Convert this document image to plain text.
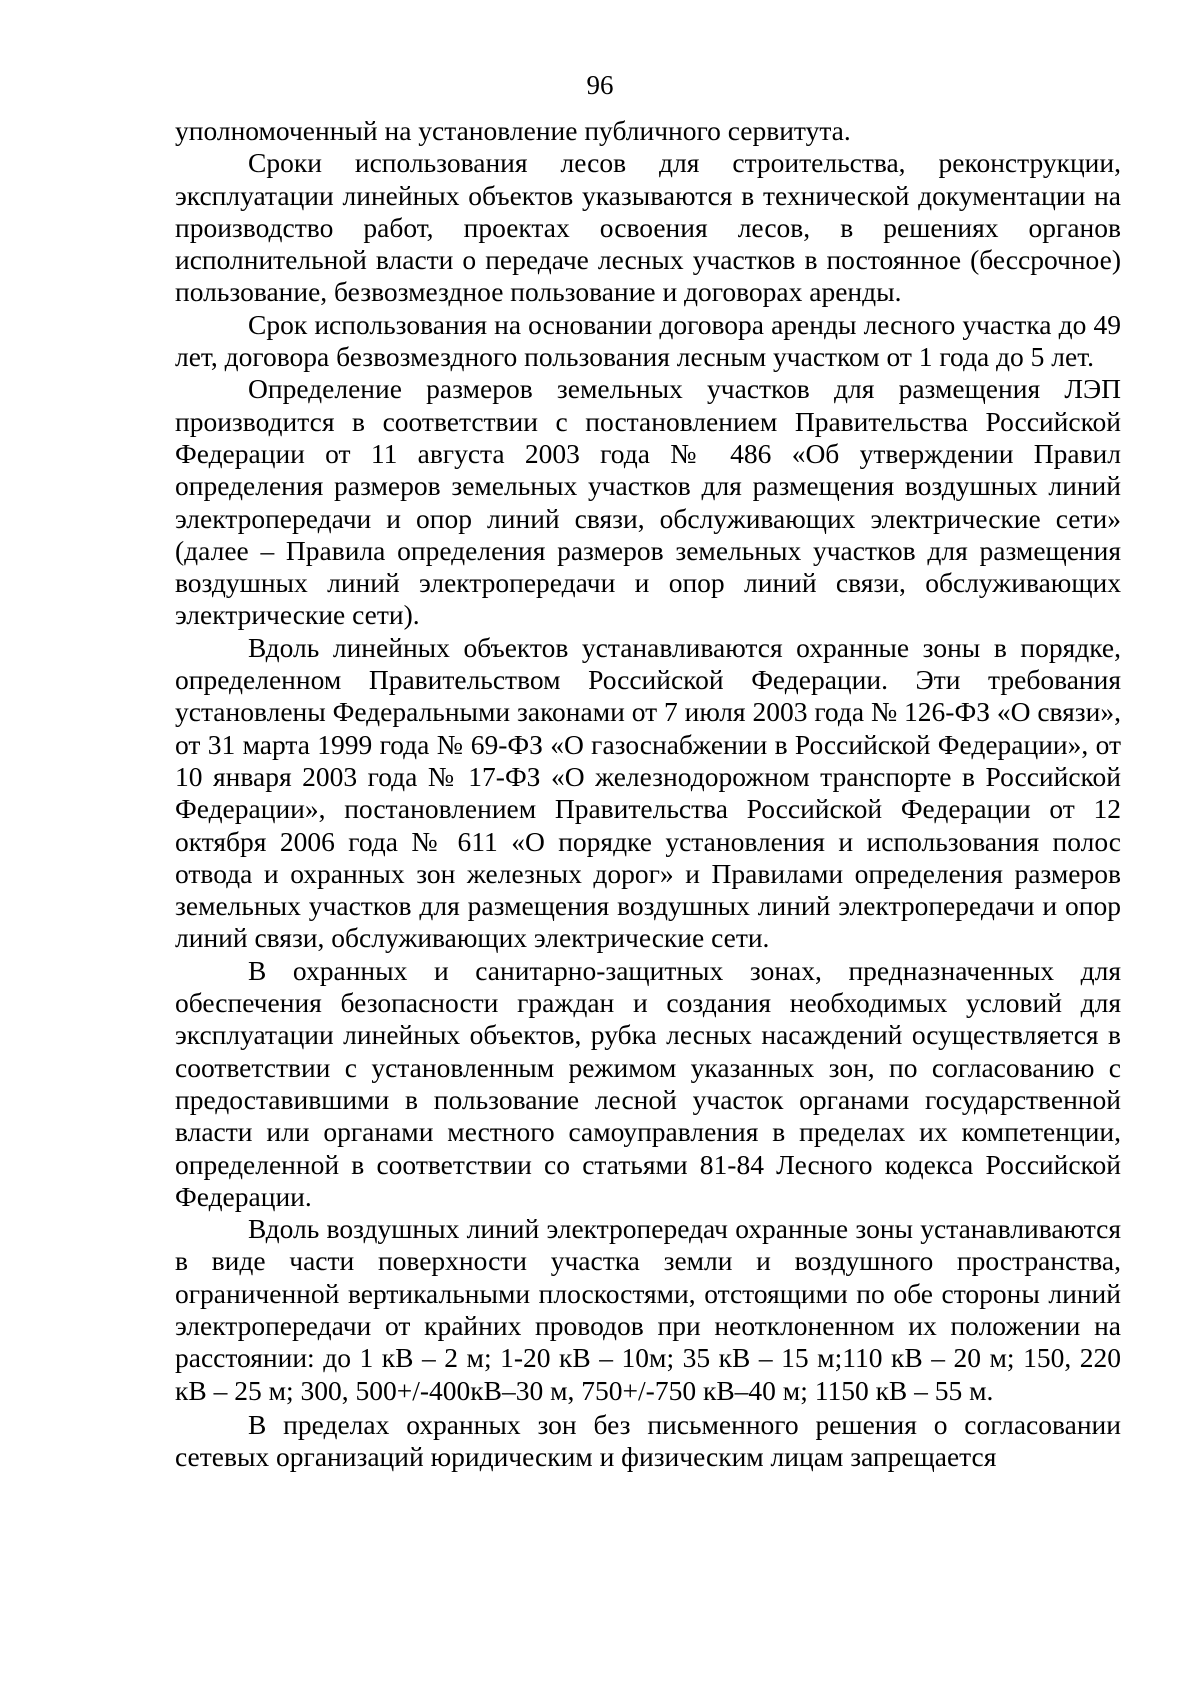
96

уполномоченный на установление публичного сервитута.

Сроки использования лесов для строительства, реконструкции, эксплуатации линейных объектов указываются в технической документации на производство работ, проектах освоения лесов, в решениях органов исполнительной власти о передаче лесных участков в постоянное (бессрочное) пользование, безвозмездное пользование и договорах аренды.

Срок использования на основании договора аренды лесного участка до 49 лет, договора безвозмездного пользования лесным участком от 1 года до 5 лет.

Определение размеров земельных участков для размещения ЛЭП производится в соответствии с постановлением Правительства Российской Федерации от 11 августа 2003 года № 486 «Об утверждении Правил определения размеров земельных участков для размещения воздушных линий электропередачи и опор линий связи, обслуживающих электрические сети» (далее – Правила определения размеров земельных участков для размещения воздушных линий электропередачи и опор линий связи, обслуживающих электрические сети).

Вдоль линейных объектов устанавливаются охранные зоны в порядке, определенном Правительством Российской Федерации. Эти требования установлены Федеральными законами от 7 июля 2003 года № 126-ФЗ «О связи», от 31 марта 1999 года № 69-ФЗ «О газоснабжении в Российской Федерации», от 10 января 2003 года № 17-ФЗ «О железнодорожном транспорте в Российской Федерации», постановлением Правительства Российской Федерации от 12 октября 2006 года № 611 «О порядке установления и использования полос отвода и охранных зон железных дорог» и Правилами определения размеров земельных участков для размещения воздушных линий электропередачи и опор линий связи, обслуживающих электрические сети.

В охранных и санитарно-защитных зонах, предназначенных для обеспечения безопасности граждан и создания необходимых условий для эксплуатации линейных объектов, рубка лесных насаждений осуществляется в соответствии с установленным режимом указанных зон, по согласованию с предоставившими в пользование лесной участок органами государственной власти или органами местного самоуправления в пределах их компетенции, определенной в соответствии со статьями 81-84 Лесного кодекса Российской Федерации.

Вдоль воздушных линий электропередач охранные зоны устанавливаются в виде части поверхности участка земли и воздушного пространства, ограниченной вертикальными плоскостями, отстоящими по обе стороны линий электропередачи от крайних проводов при неотклоненном их положении на расстоянии: до 1 кВ – 2 м; 1-20 кВ – 10м; 35 кВ – 15 м;110 кВ – 20 м; 150, 220 кВ – 25 м; 300, 500+/-400кВ–30 м, 750+/-750 кВ–40 м; 1150 кВ – 55 м.

В пределах охранных зон без письменного решения о согласовании сетевых организаций юридическим и физическим лицам запрещается
